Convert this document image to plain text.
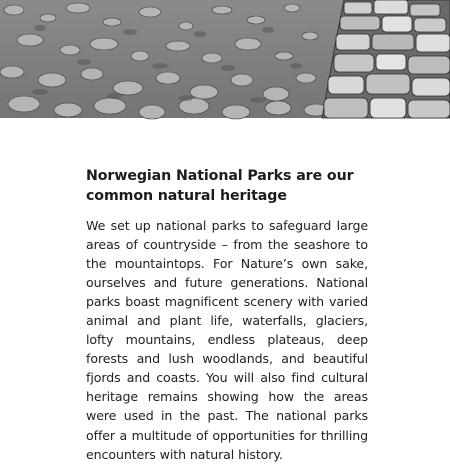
Norwegian National Parks are our common natural heritage

We set up national parks to safeguard large areas of countryside – from the seashore to the mountaintops. For Nature’s own sake, ourselves and future generations. National parks boast magnificent scenery with varied animal and plant life, waterfalls, glaciers, lofty mountains, endless plateaus, deep forests and lush woodlands, and beautiful fjords and coasts. You will also find cultural heritage remains showing how the areas were used in the past. The national parks offer a multitude of opportunities for thrilling encounters with natural history.
